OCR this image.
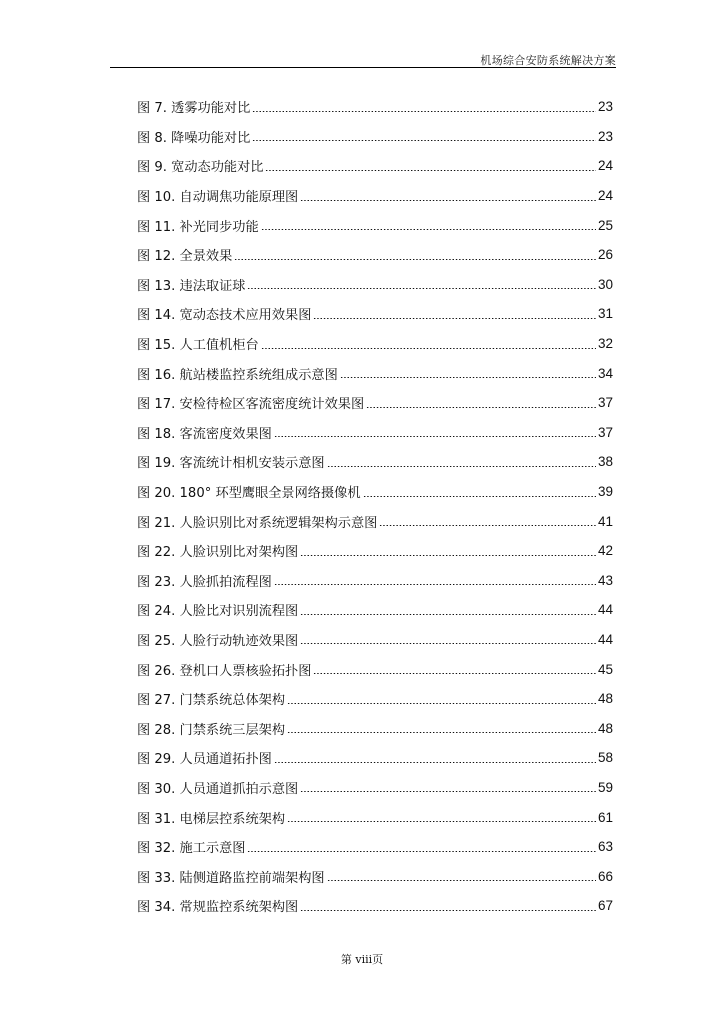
机场综合安防系统解决方案
图 7. 透雾功能对比	23
图 8. 降噪功能对比	23
图 9. 宽动态功能对比	24
图 10. 自动调焦功能原理图	24
图 11. 补光同步功能	25
图 12. 全景效果	26
图 13. 违法取证球	30
图 14. 宽动态技术应用效果图	31
图 15. 人工值机柜台	32
图 16. 航站楼监控系统组成示意图	34
图 17. 安检待检区客流密度统计效果图	37
图 18. 客流密度效果图	37
图 19. 客流统计相机安装示意图	38
图 20. 180° 环型鹰眼全景网络摄像机	39
图 21. 人脸识别比对系统逻辑架构示意图	41
图 22. 人脸识别比对架构图	42
图 23. 人脸抓拍流程图	43
图 24. 人脸比对识别流程图	44
图 25. 人脸行动轨迹效果图	44
图 26. 登机口人票核验拓扑图	45
图 27. 门禁系统总体架构	48
图 28. 门禁系统三层架构	48
图 29. 人员通道拓扑图	58
图 30. 人员通道抓拍示意图	59
图 31. 电梯层控系统架构	61
图 32. 施工示意图	63
图 33. 陆侧道路监控前端架构图	66
图 34. 常规监控系统架构图	67
第 viii页
